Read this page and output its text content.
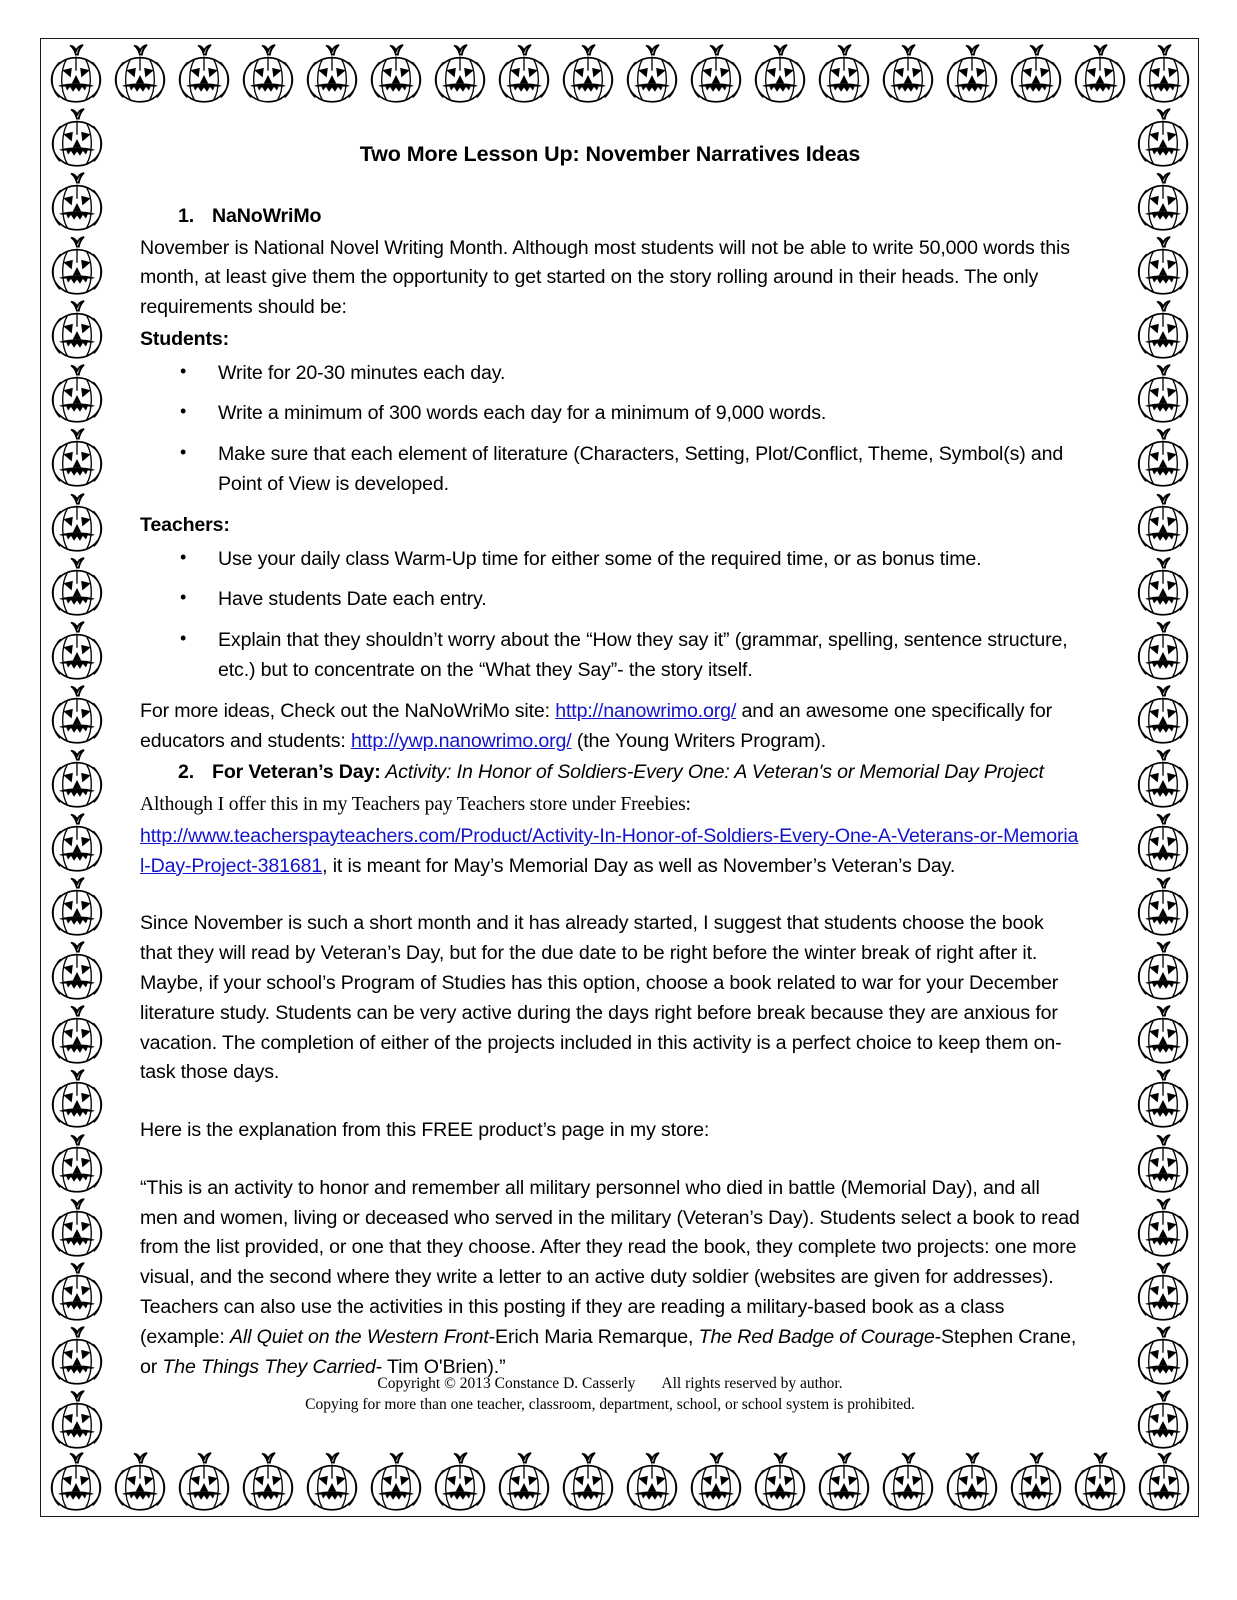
Two More Lesson Up: November Narratives Ideas
1. NaNoWriMo
November is National Novel Writing Month. Although most students will not be able to write 50,000 words this month, at least give them the opportunity to get started on the story rolling around in their heads. The only requirements should be:
Students:
• Write for 20-30 minutes each day.
• Write a minimum of 300 words each day for a minimum of 9,000 words.
• Make sure that each element of literature (Characters, Setting, Plot/Conflict, Theme, Symbol(s) and Point of View is developed.
Teachers:
• Use your daily class Warm-Up time for either some of the required time, or as bonus time.
• Have students Date each entry.
• Explain that they shouldn’t worry about the “How they say it” (grammar, spelling, sentence structure, etc.) but to concentrate on the “What they Say”- the story itself.
For more ideas, Check out the NaNoWriMo site: http://nanowrimo.org/ and an awesome one specifically for educators and students: http://ywp.nanowrimo.org/ (the Young Writers Program).
2. For Veteran’s Day: Activity: In Honor of Soldiers-Every One: A Veteran's or Memorial Day Project
Although I offer this in my Teachers pay Teachers store under Freebies:
http://www.teacherspayteachers.com/Product/Activity-In-Honor-of-Soldiers-Every-One-A-Veterans-or-Memorial-Day-Project-381681, it is meant for May’s Memorial Day as well as November’s Veteran’s Day.
Since November is such a short month and it has already started, I suggest that students choose the book that they will read by Veteran’s Day, but for the due date to be right before the winter break of right after it. Maybe, if your school’s Program of Studies has this option, choose a book related to war for your December literature study. Students can be very active during the days right before break because they are anxious for vacation. The completion of either of the projects included in this activity is a perfect choice to keep them on-task those days.
Here is the explanation from this FREE product’s page in my store:
“This is an activity to honor and remember all military personnel who died in battle (Memorial Day), and all men and women, living or deceased who served in the military (Veteran’s Day). Students select a book to read from the list provided, or one that they choose. After they read the book, they complete two projects: one more visual, and the second where they write a letter to an active duty soldier (websites are given for addresses). Teachers can also use the activities in this posting if they are reading a military-based book as a class (example: All Quiet on the Western Front-Erich Maria Remarque, The Red Badge of Courage-Stephen Crane, or The Things They Carried- Tim O'Brien).”
Copyright © 2013 Constance D. Casserly All rights reserved by author.
Copying for more than one teacher, classroom, department, school, or school system is prohibited.
